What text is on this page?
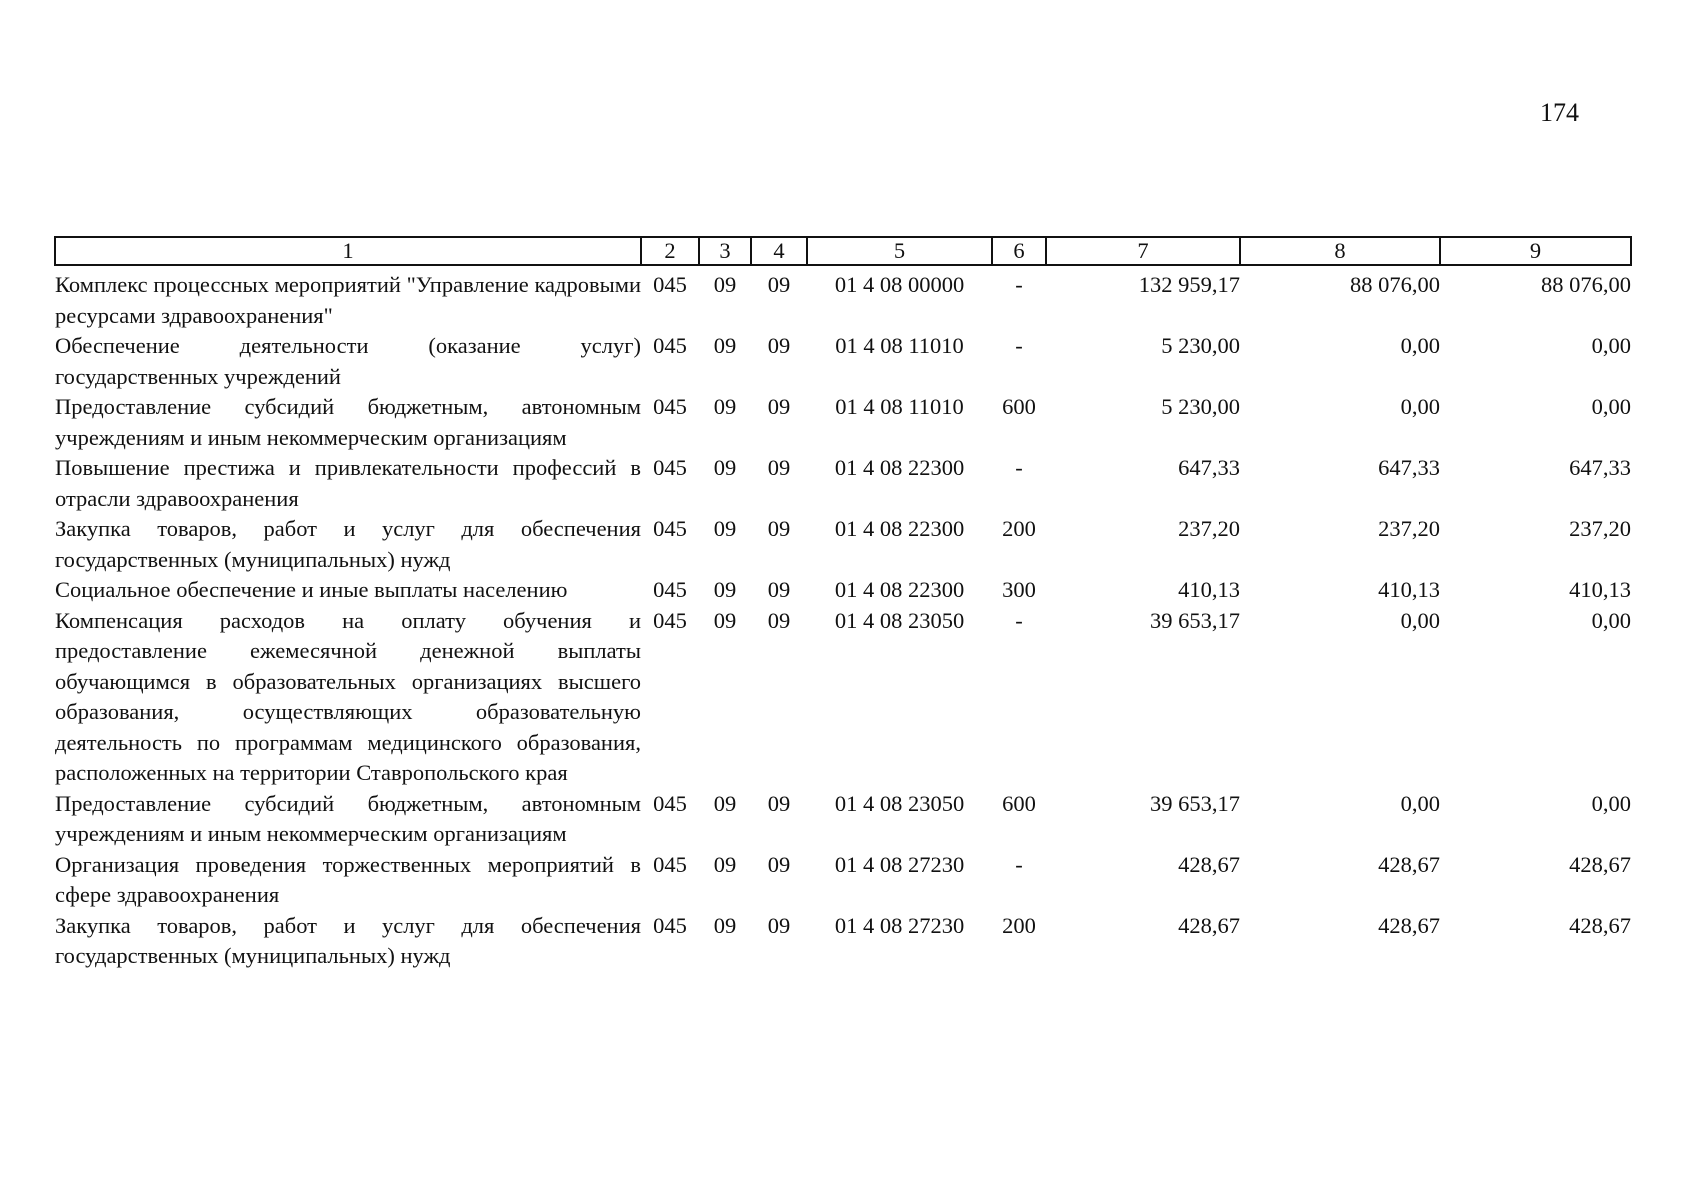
174
1	2	3	4	5	6	7	8	9
Комплекс процессных мероприятий "Управление кадровыми ресурсами здравоохранения"	045	09	09	01 4 08 00000	-	132 959,17	88 076,00	88 076,00
Обеспечение деятельности (оказание услуг) государственных учреждений	045	09	09	01 4 08 11010	-	5 230,00	0,00	0,00
Предоставление субсидий бюджетным, автономным учреждениям и иным некоммерческим организациям	045	09	09	01 4 08 11010	600	5 230,00	0,00	0,00
Повышение престижа и привлекательности профессий в отрасли здравоохранения	045	09	09	01 4 08 22300	-	647,33	647,33	647,33
Закупка товаров, работ и услуг для обеспечения государственных (муниципальных) нужд	045	09	09	01 4 08 22300	200	237,20	237,20	237,20
Социальное обеспечение и иные выплаты населению	045	09	09	01 4 08 22300	300	410,13	410,13	410,13
Компенсация расходов на оплату обучения и предоставление ежемесячной денежной выплаты обучающимся в образовательных организациях высшего образования, осуществляющих образовательную деятельность по программам медицинского образования, расположенных на территории Ставропольского края	045	09	09	01 4 08 23050	-	39 653,17	0,00	0,00
Предоставление субсидий бюджетным, автономным учреждениям и иным некоммерческим организациям	045	09	09	01 4 08 23050	600	39 653,17	0,00	0,00
Организация проведения торжественных мероприятий в сфере здравоохранения	045	09	09	01 4 08 27230	-	428,67	428,67	428,67
Закупка товаров, работ и услуг для обеспечения государственных (муниципальных) нужд	045	09	09	01 4 08 27230	200	428,67	428,67	428,67
